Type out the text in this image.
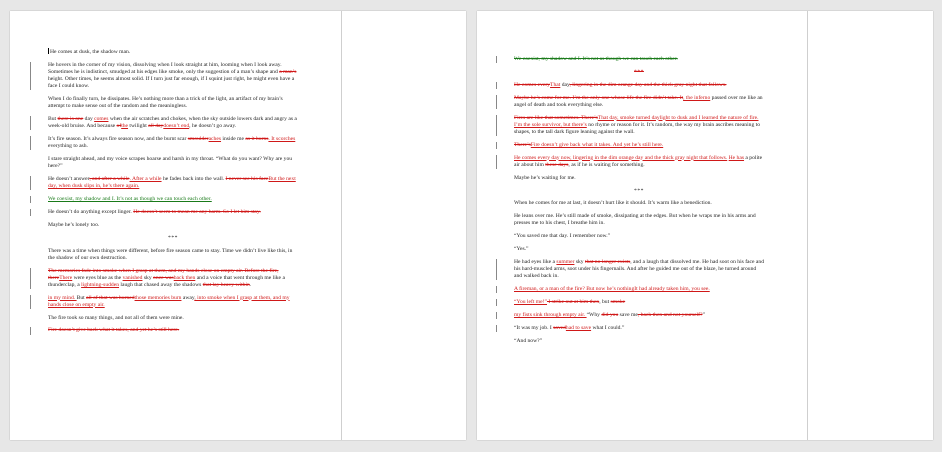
He comes at dusk, the shadow man.
He hovers in the corner of my vision, dissolving when I look straight at him, looming when I look away. Sometimes he is indistinct, smudged at his edges like smoke, only the suggestion of a man’s shape and a man’s height. Other times, he seems almost solid. If I turn just far enough, if I squint just right, he might even have a face I could know.
When I do finally turn, he dissipates. He’s nothing more than a trick of the light, an artifact of my brain’s attempt to make sense out of the random and the meaningless.
But there is one day comes when the air scratches and chokes, when the sky outside lowers dark and angry as a week-old bruise. And because ofthe twilight all daydoesn’t end, he doesn’t go away.
It’s fire season. It’s always fire season now, and the burnt scar smoulderaches inside me as it burns. It scorches everything to ash.
I stare straight ahead, and my voice scrapes hoarse and harsh in my throat. “What do you want? Why are you here?”
He doesn’t answer, and after a while. After a while he fades back into the wall. I never see his faceBut the next day, when dusk slips in, he’s there again.
We coexist, my shadow and I. It’s not as though we can touch each other.
He doesn’t do anything except linger. He doesn’t seem to mean me any harm. So I let him stay.
Maybe he’s lonely too.
***
There was a time when things were different, before fire season came to stay. Time we didn’t live like this, in the shadow of our own destruction.
The memories fade into smoke when I grasp at them, and my hands close on empty air. Before the fire, thereThere were eyes blue as the vanished sky once wasback then and a voice that went through me like a thunderclap, a lightning-sudden laugh that chased away the shadows that lay heavy within.
in my mind. But all of that was burnedthose memories burn away, into smoke when I grasp at them, and my hands close on empty air.
The fire took so many things, and not all of them were mine.
Fire doesn’t give back what it takes, and yet he’s still here.
We coexist, my shadow and I. It’s not as though we can touch each other.
***
He comes everyThat day, lingering in the dim orange day and the thick gray night that follows.
Maybe he’s come for me. I’m the only one whose life the fire didn’t take. It, the inferno passed over me like an angel of death and took everything else.
Fires are like that sometimes. There’sThat day, smoke turned daylight to dusk and I learned the nature of fire. I’m the sole survivor, but there’s no rhyme or reason for it. It’s random, the way my brain ascribes meaning to shapes, to the tall dark figure leaning against the wall.
There’sFire doesn’t give back what it takes. And yet he’s still here.
He comes every day now, lingering in the dim orange day and the thick gray night that follows. He has a polite air about him these days, as if he is waiting for something.
Maybe he’s waiting for me.
***
When he comes for me at last, it doesn’t hurt like it should. It’s warm like a benediction.
He leans over me. He’s still made of smoke, dissipating at the edges. But when he wraps me in his arms and presses me to his chest, I breathe him in.
“You saved me that day. I remember now.”
“Yes.”
He had eyes like a summer sky that no longer exists, and a laugh that dissolved me. He had soot on his face and his hard-muscled arms, soot under his fingernails. And after he guided me out of the blaze, he turned around and walked back in.
A fireman, or a man of the fire? But now he’s nothingIt had already taken him, you see.
“You left me!” I strike out at him then, but smoke
my fists sink through empty air. “Why did you save me, back then and not yourself?”
“It was my job. I savedhad to save what I could.”
“And now?”
